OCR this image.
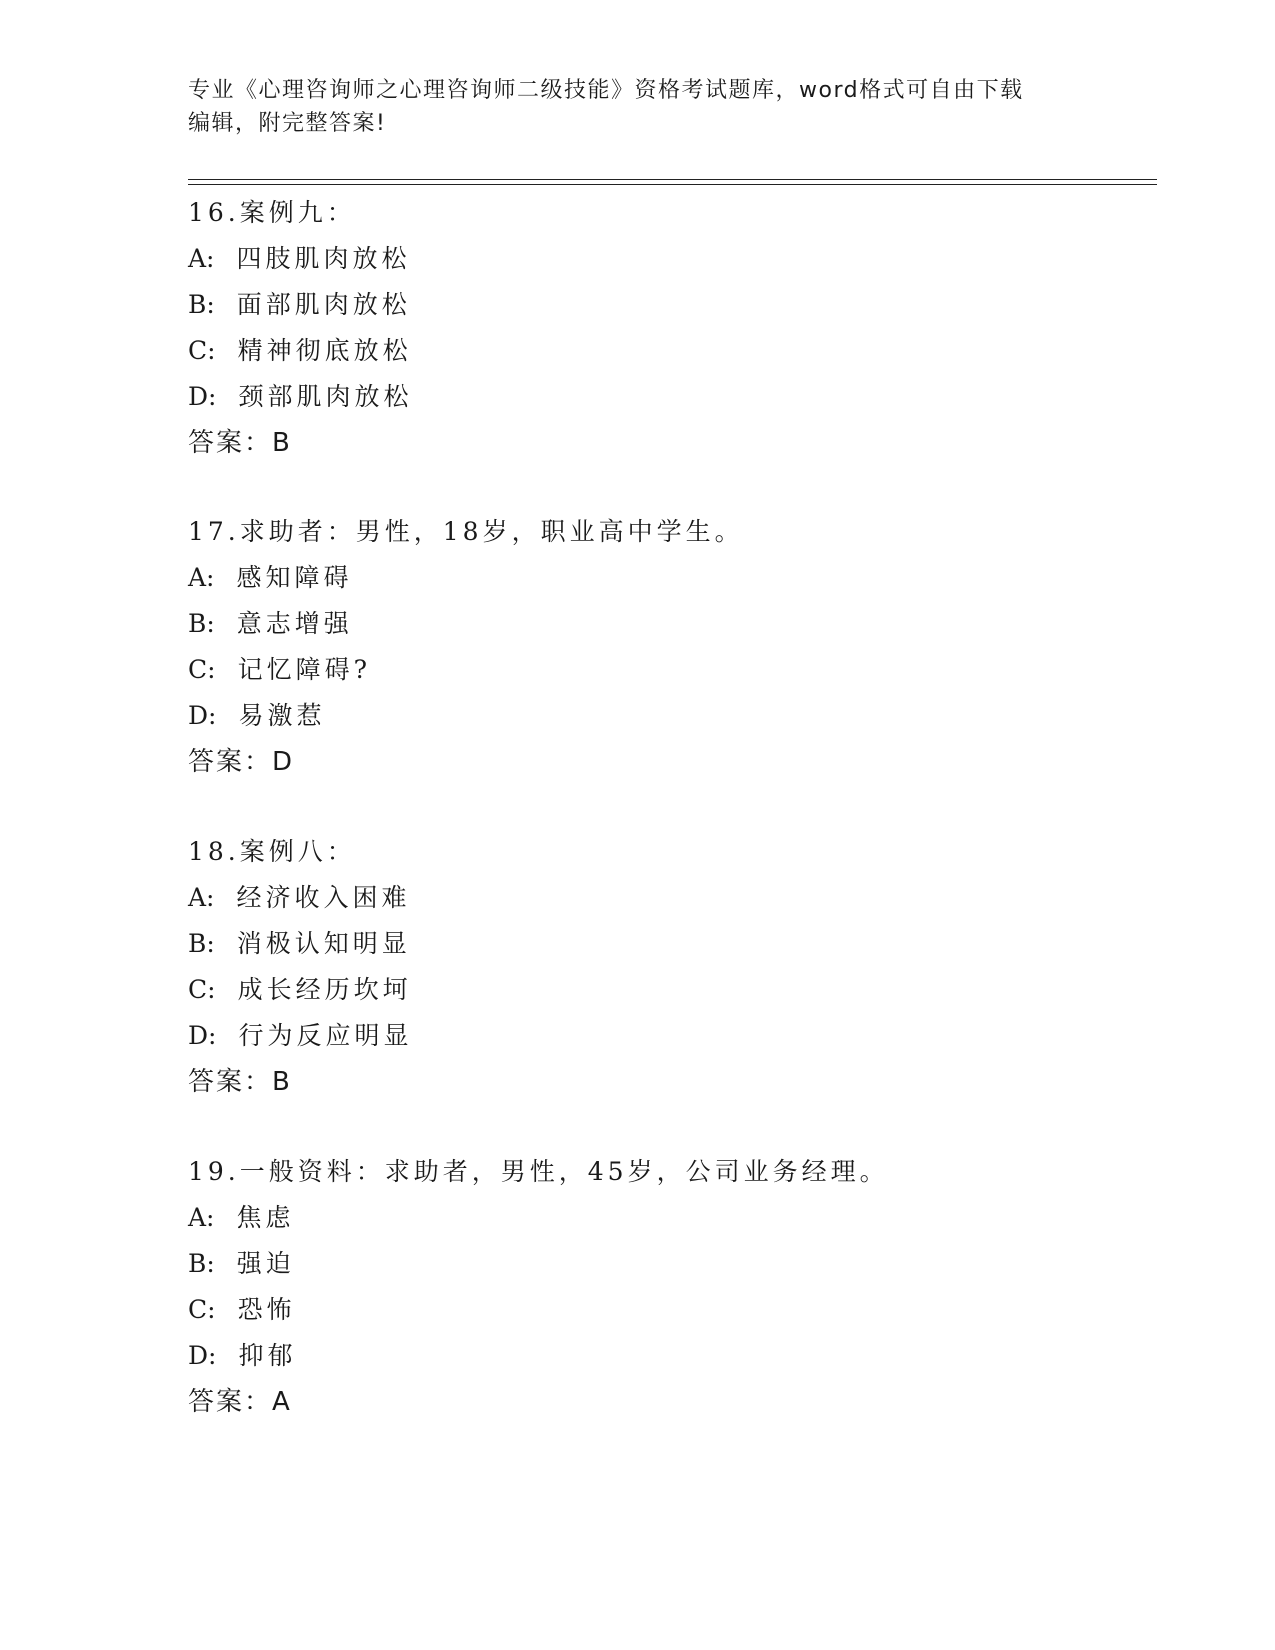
专业《心理咨询师之心理咨询师二级技能》资格考试题库，word格式可自由下载
编辑，附完整答案!
16.案例九：
A: 四肢肌肉放松
B: 面部肌肉放松
C: 精神彻底放松
D: 颈部肌肉放松
答案：B
17.求助者：男性，18岁，职业高中学生。
A: 感知障碍
B: 意志增强
C: 记忆障碍?
D: 易激惹
答案：D
18.案例八：
A: 经济收入困难
B: 消极认知明显
C: 成长经历坎坷
D: 行为反应明显
答案：B
19.一般资料：求助者，男性，45岁，公司业务经理。
A: 焦虑
B: 强迫
C: 恐怖
D: 抑郁
答案：A
